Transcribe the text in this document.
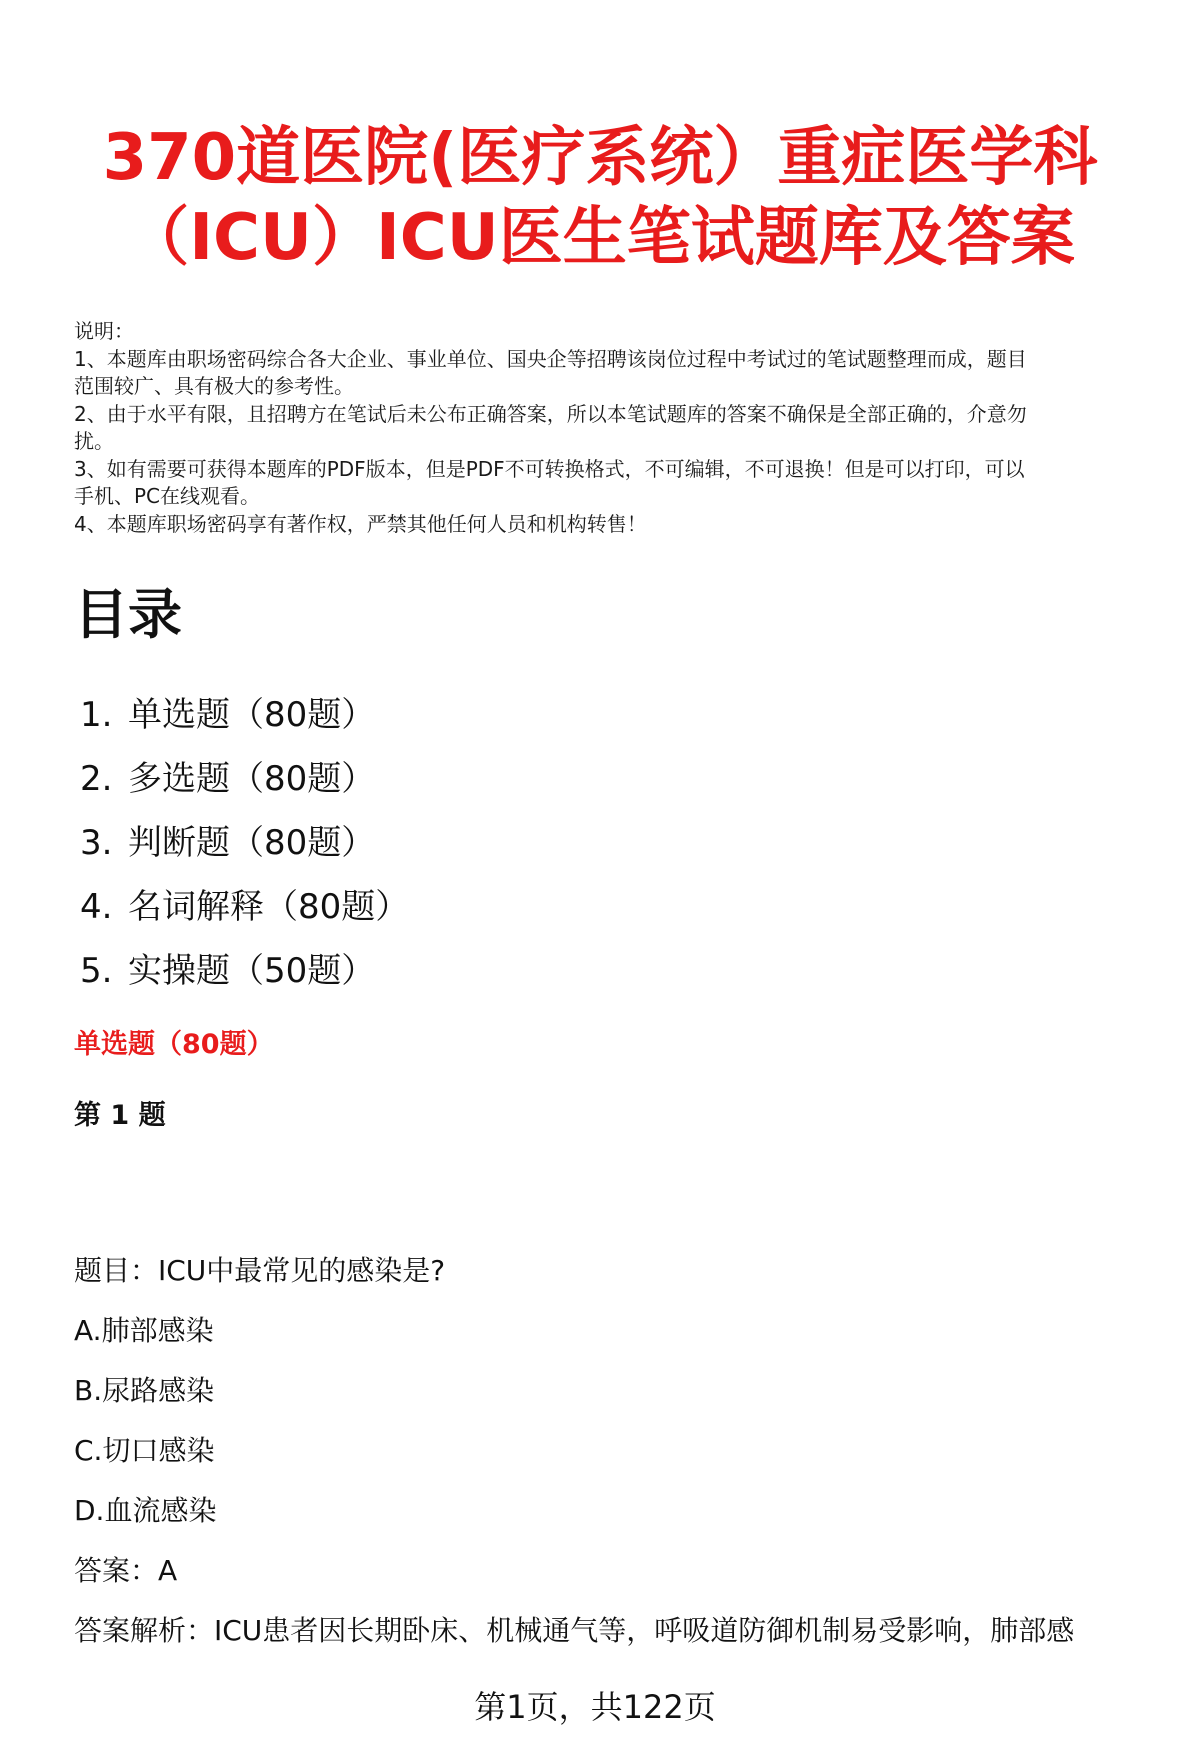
370道医院(医疗系统）重症医学科
（ICU）ICU医生笔试题库及答案
说明：
1、本题库由职场密码综合各大企业、事业单位、国央企等招聘该岗位过程中考试过的笔试题整理而成，题目
范围较广、具有极大的参考性。
2、由于水平有限，且招聘方在笔试后未公布正确答案，所以本笔试题库的答案不确保是全部正确的，介意勿
扰。
3、如有需要可获得本题库的PDF版本，但是PDF不可转换格式，不可编辑，不可退换！但是可以打印，可以
手机、PC在线观看。
4、本题库职场密码享有著作权，严禁其他任何人员和机构转售！
目录
1. 单选题（80题）
2. 多选题（80题）
3. 判断题（80题）
4. 名词解释（80题）
5. 实操题（50题）
单选题（80题）
第 1 题
题目：ICU中最常见的感染是?
A.肺部感染
B.尿路感染
C.切口感染
D.血流感染
答案：A
答案解析：ICU患者因长期卧床、机械通气等，呼吸道防御机制易受影响，肺部感
第1页，共122页
